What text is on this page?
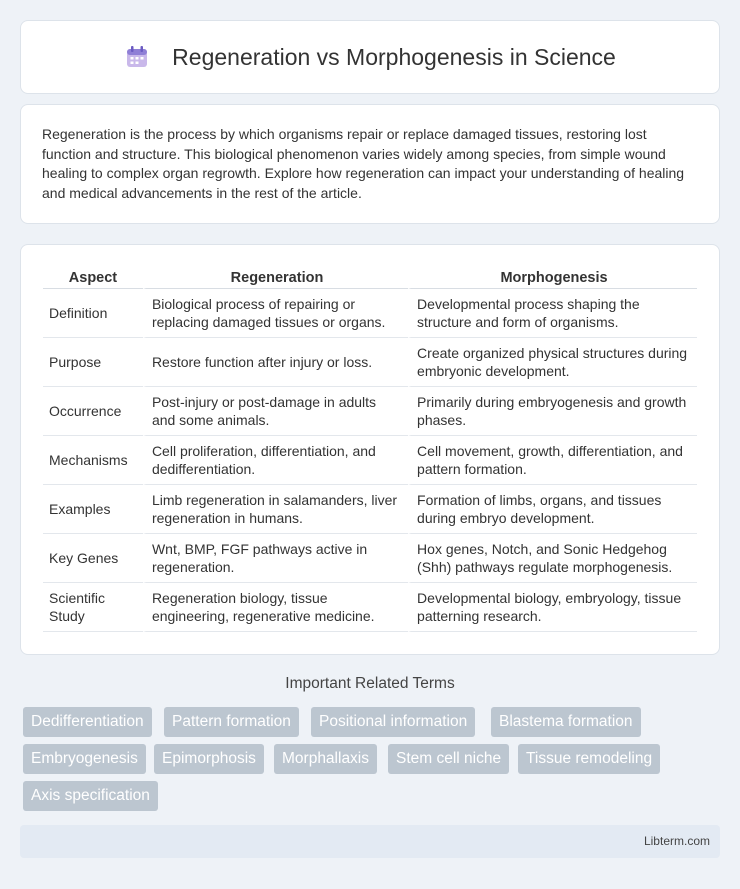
Regeneration vs Morphogenesis in Science

Regeneration is the process by which organisms repair or replace damaged tissues, restoring lost function and structure. This biological phenomenon varies widely among species, from simple wound healing to complex organ regrowth. Explore how regeneration can impact your understanding of healing and medical advancements in the rest of the article.

Aspect	Regeneration	Morphogenesis
Definition	Biological process of repairing or replacing damaged tissues or organs.	Developmental process shaping the structure and form of organisms.
Purpose	Restore function after injury or loss.	Create organized physical structures during embryonic development.
Occurrence	Post-injury or post-damage in adults and some animals.	Primarily during embryogenesis and growth phases.
Mechanisms	Cell proliferation, differentiation, and dedifferentiation.	Cell movement, growth, differentiation, and pattern formation.
Examples	Limb regeneration in salamanders, liver regeneration in humans.	Formation of limbs, organs, and tissues during embryo development.
Key Genes	Wnt, BMP, FGF pathways active in regeneration.	Hox genes, Notch, and Sonic Hedgehog (Shh) pathways regulate morphogenesis.
Scientific Study	Regeneration biology, tissue engineering, regenerative medicine.	Developmental biology, embryology, tissue patterning research.
Important Related Terms
Dedifferentiation	Pattern formation	Positional information	Blastema formation
Embryogenesis	Epimorphosis	Morphallaxis	Stem cell niche	Tissue remodeling
Axis specification
Libterm.com
